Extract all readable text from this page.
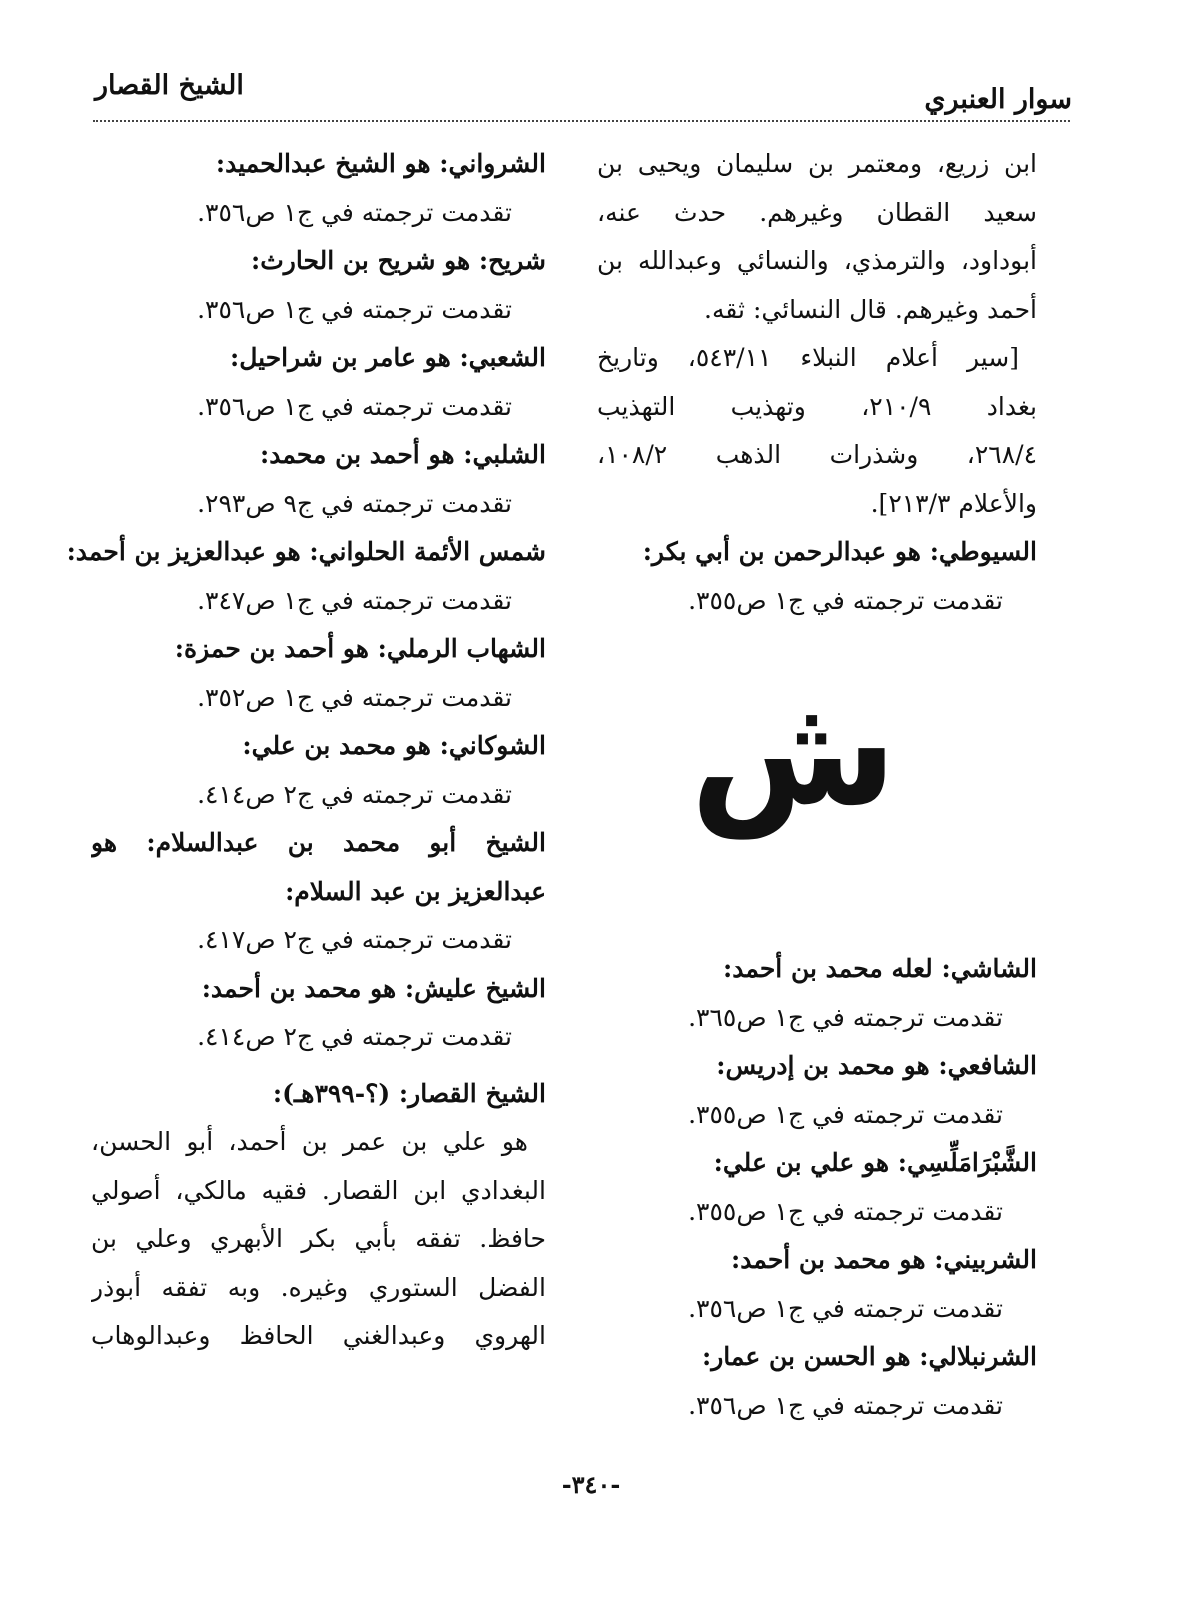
سوار العنبري
الشيخ القصار
ابن زريع، ومعتمر بن سليمان ويحيى بن
سعيد القطان وغيرهم. حدث عنه،
أبوداود، والترمذي، والنسائي وعبدالله بن
أحمد وغيرهم. قال النسائي: ثقه.
[سير أعلام النبلاء ٥٤٣/١١، وتاريخ
بغداد ٢١٠/٩، وتهذيب التهذيب
٢٦٨/٤، وشذرات الذهب ١٠٨/٢،
والأعلام ٢١٣/٣].
السيوطي: هو عبدالرحمن بن أبي بكر:
تقدمت ترجمته في ج١ ص٣٥٥.
ش
الشاشي: لعله محمد بن أحمد:
تقدمت ترجمته في ج١ ص٣٦٥.
الشافعي: هو محمد بن إدريس:
تقدمت ترجمته في ج١ ص٣٥٥.
الشَّبْرَامَلِّسِي: هو علي بن علي:
تقدمت ترجمته في ج١ ص٣٥٥.
الشربيني: هو محمد بن أحمد:
تقدمت ترجمته في ج١ ص٣٥٦.
الشرنبلالي: هو الحسن بن عمار:
تقدمت ترجمته في ج١ ص٣٥٦.
الشرواني: هو الشيخ عبدالحميد:
تقدمت ترجمته في ج١ ص٣٥٦.
شريح: هو شريح بن الحارث:
تقدمت ترجمته في ج١ ص٣٥٦.
الشعبي: هو عامر بن شراحيل:
تقدمت ترجمته في ج١ ص٣٥٦.
الشلبي: هو أحمد بن محمد:
تقدمت ترجمته في ج٩ ص٢٩٣.
شمس الأئمة الحلواني: هو عبدالعزيز بن أحمد:
تقدمت ترجمته في ج١ ص٣٤٧.
الشهاب الرملي: هو أحمد بن حمزة:
تقدمت ترجمته في ج١ ص٣٥٢.
الشوكاني: هو محمد بن علي:
تقدمت ترجمته في ج٢ ص٤١٤.
الشيخ أبو محمد بن عبدالسلام: هو
عبدالعزيز بن عبد السلام:
تقدمت ترجمته في ج٢ ص٤١٧.
الشيخ عليش: هو محمد بن أحمد:
تقدمت ترجمته في ج٢ ص٤١٤.
الشيخ القصار: (؟-٣٩٩هـ):
هو علي بن عمر بن أحمد، أبو الحسن،
البغدادي ابن القصار. فقيه مالكي، أصولي
حافظ. تفقه بأبي بكر الأبهري وعلي بن
الفضل الستوري وغيره. وبه تفقه أبوذر
الهروي وعبدالغني الحافظ وعبدالوهاب
-٣٤٠-
